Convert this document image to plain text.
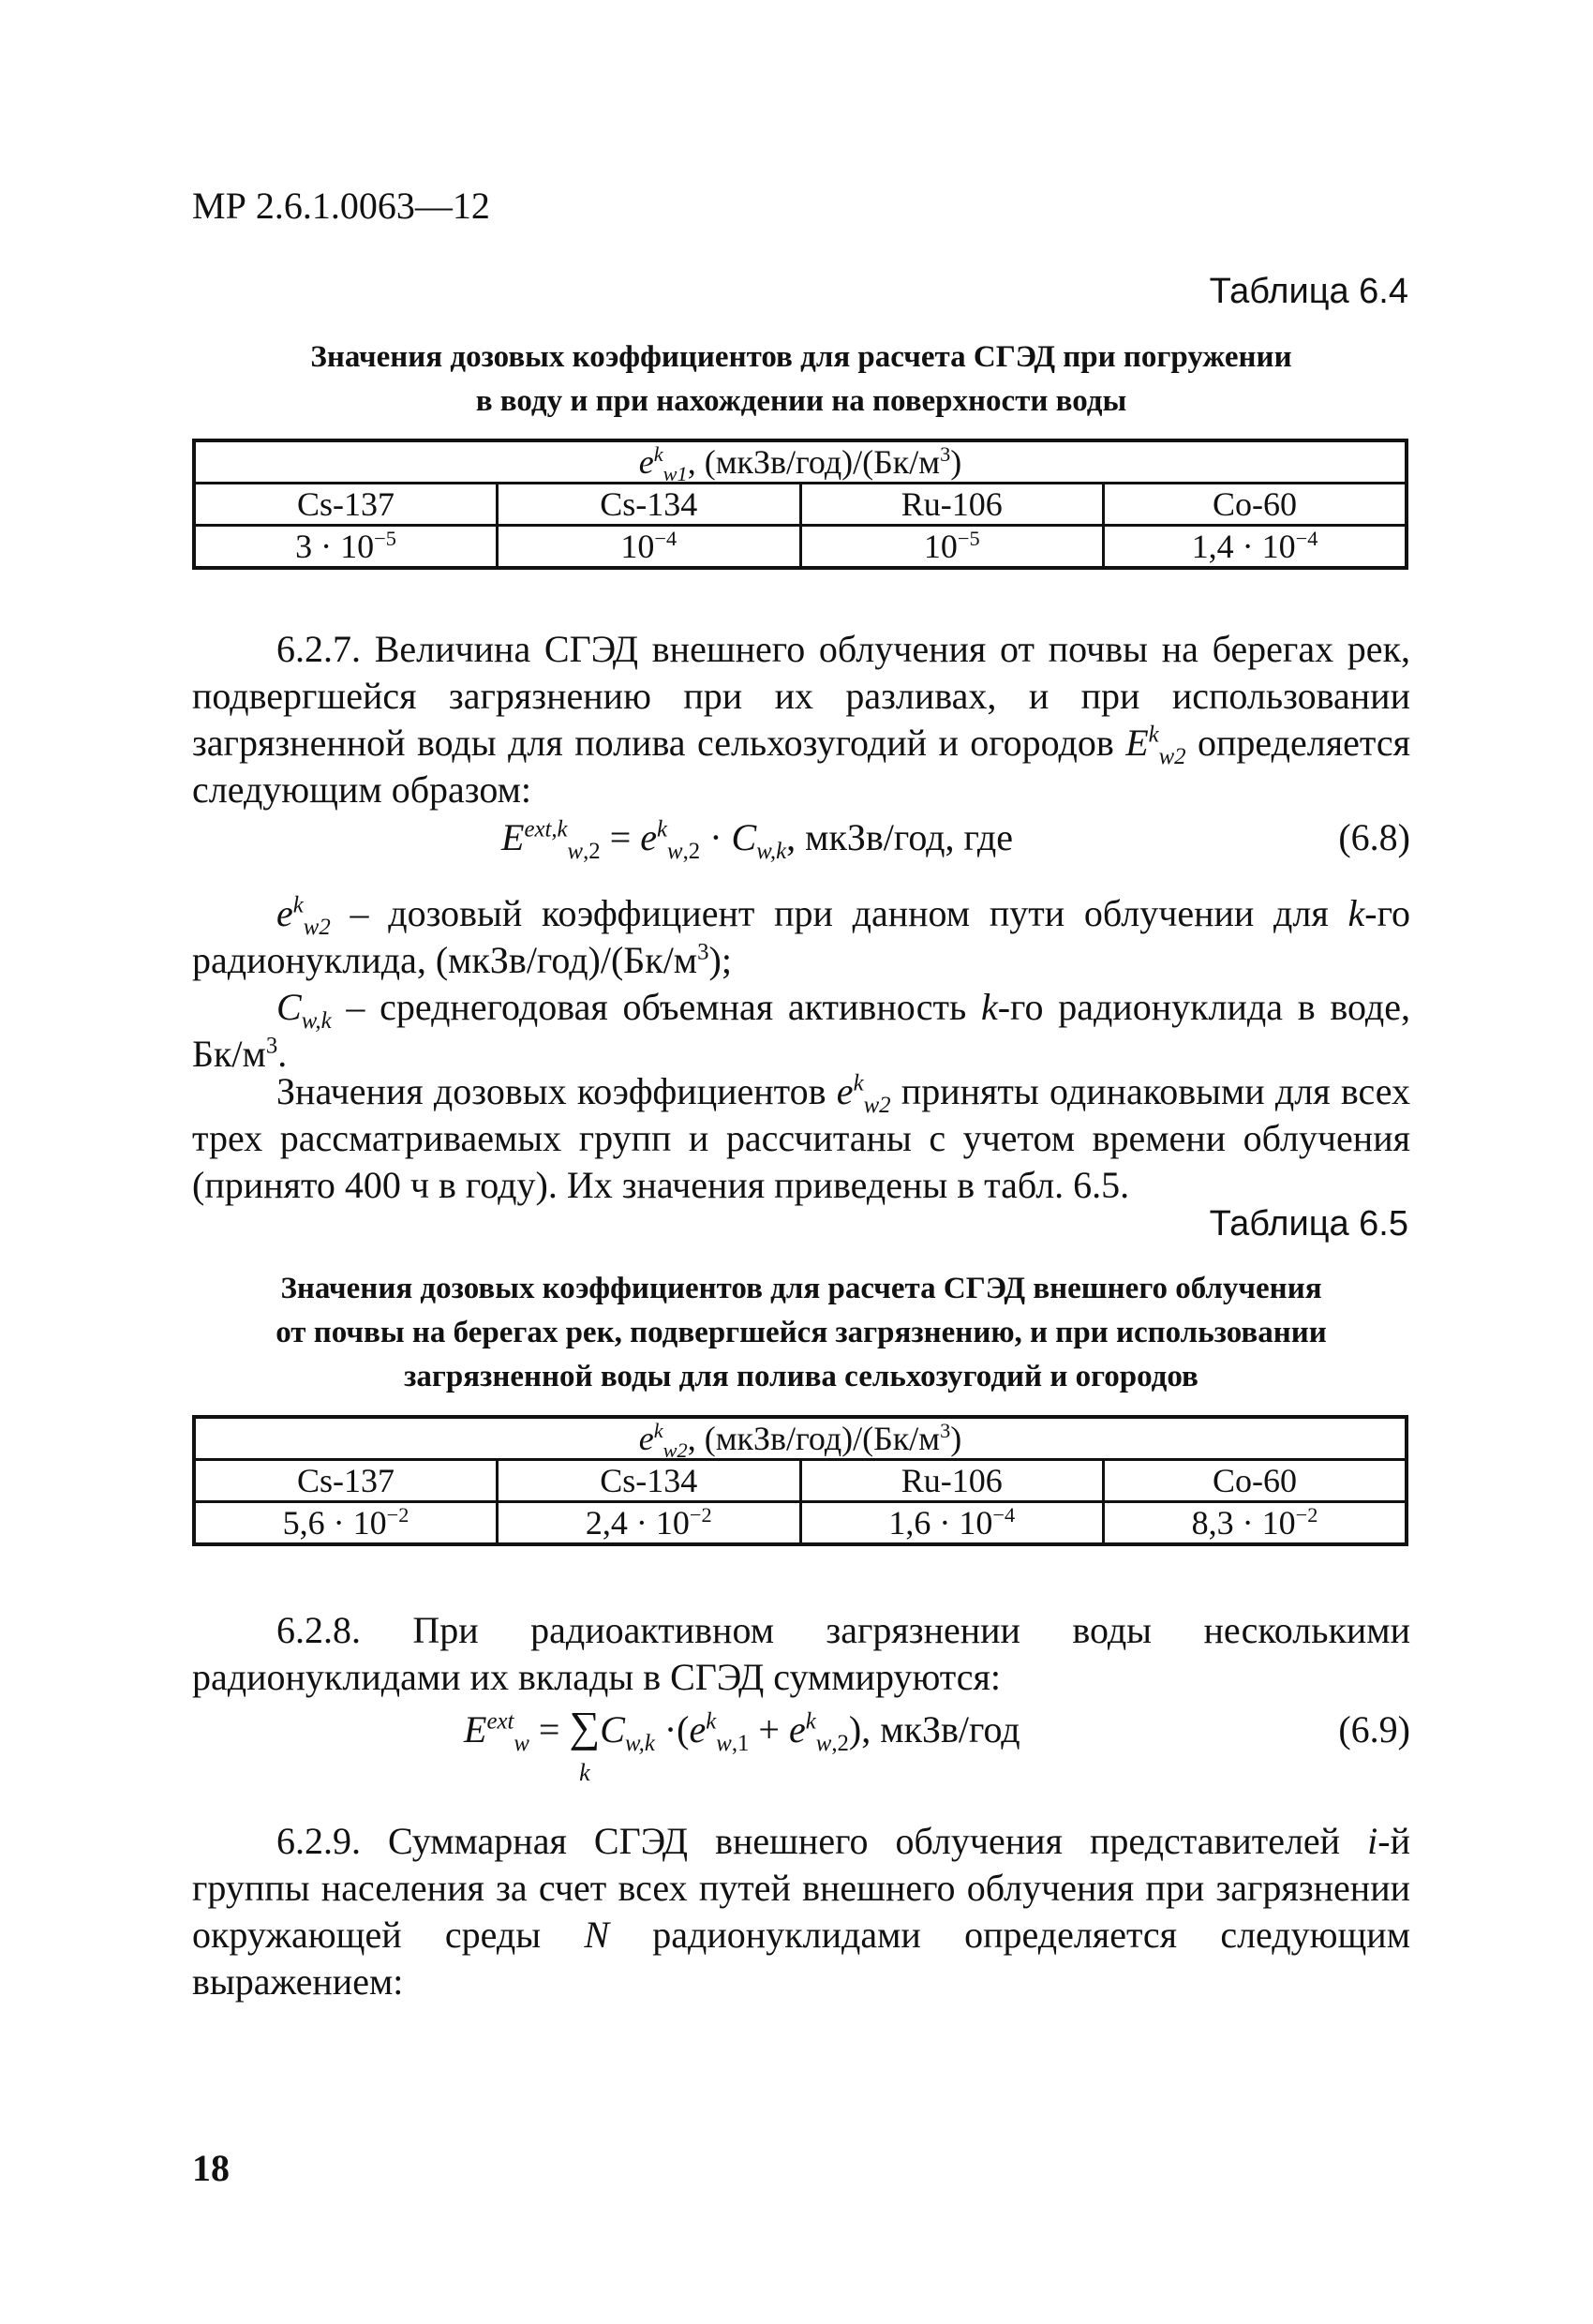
МР 2.6.1.0063—12
Таблица 6.4
Значения дозовых коэффициентов для расчета СГЭД при погружении
в воду и при нахождении на поверхности воды
$e^k_{w1}$, $(мкЗв/год)/(Бк/м^3)$			
Cs-137	Cs-134	Ru-106	Co-60
$3 \cdot 10^{-5}$	$10^{-4}$	$10^{-5}$	$1,4 \cdot 10^{-4}$
6.2.7. Величина СГЭД внешнего облучения от почвы на берегах рек, подвергшейся загрязнению при их разливах, и при использовании загрязненной воды для полива сельхозугодий и огородов $E^k_{w2}$ определяется следующим образом:
$E^{ext,k}_{w,2} = e^k_{w,2} \cdot C_{w,k}$, мкЗв/год, где	(6.8)
$e^k_{w2}$ – дозовый коэффициент при данном пути облучении для k-го радионуклида, $(мкЗв/год)/(Бк/м^3)$;
$C_{w,k}$ – среднегодовая объемная активность k-го радионуклида в воде, $Бк/м^3$.
Значения дозовых коэффициентов $e^k_{w2}$ приняты одинаковыми для всех трех рассматриваемых групп и рассчитаны с учетом времени облучения (принято 400 ч в году). Их значения приведены в табл. 6.5.
Таблица 6.5
Значения дозовых коэффициентов для расчета СГЭД внешнего облучения
от почвы на берегах рек, подвергшейся загрязнению, и при использовании
загрязненной воды для полива сельхозугодий и огородов
$e^k_{w2}$, $(мкЗв/год)/(Бк/м^3)$			
Cs-137	Cs-134	Ru-106	Co-60
$5,6 \cdot 10^{-2}$	$2,4 \cdot 10^{-2}$	$1,6 \cdot 10^{-4}$	$8,3 \cdot 10^{-2}$
6.2.8. При радиоактивном загрязнении воды несколькими радионуклидами их вклады в СГЭД суммируются:
$E^{ext}_w$ = ∑
$kC_{w,k} \cdot(e^k_{w,1} + e^k_{w,2})$, мкЗв/год	(6.9)
6.2.9. Суммарная СГЭД внешнего облучения представителей i-й группы населения за счет всех путей внешнего облучения при загрязнении окружающей среды N радионуклидами определяется следующим выражением:
18
